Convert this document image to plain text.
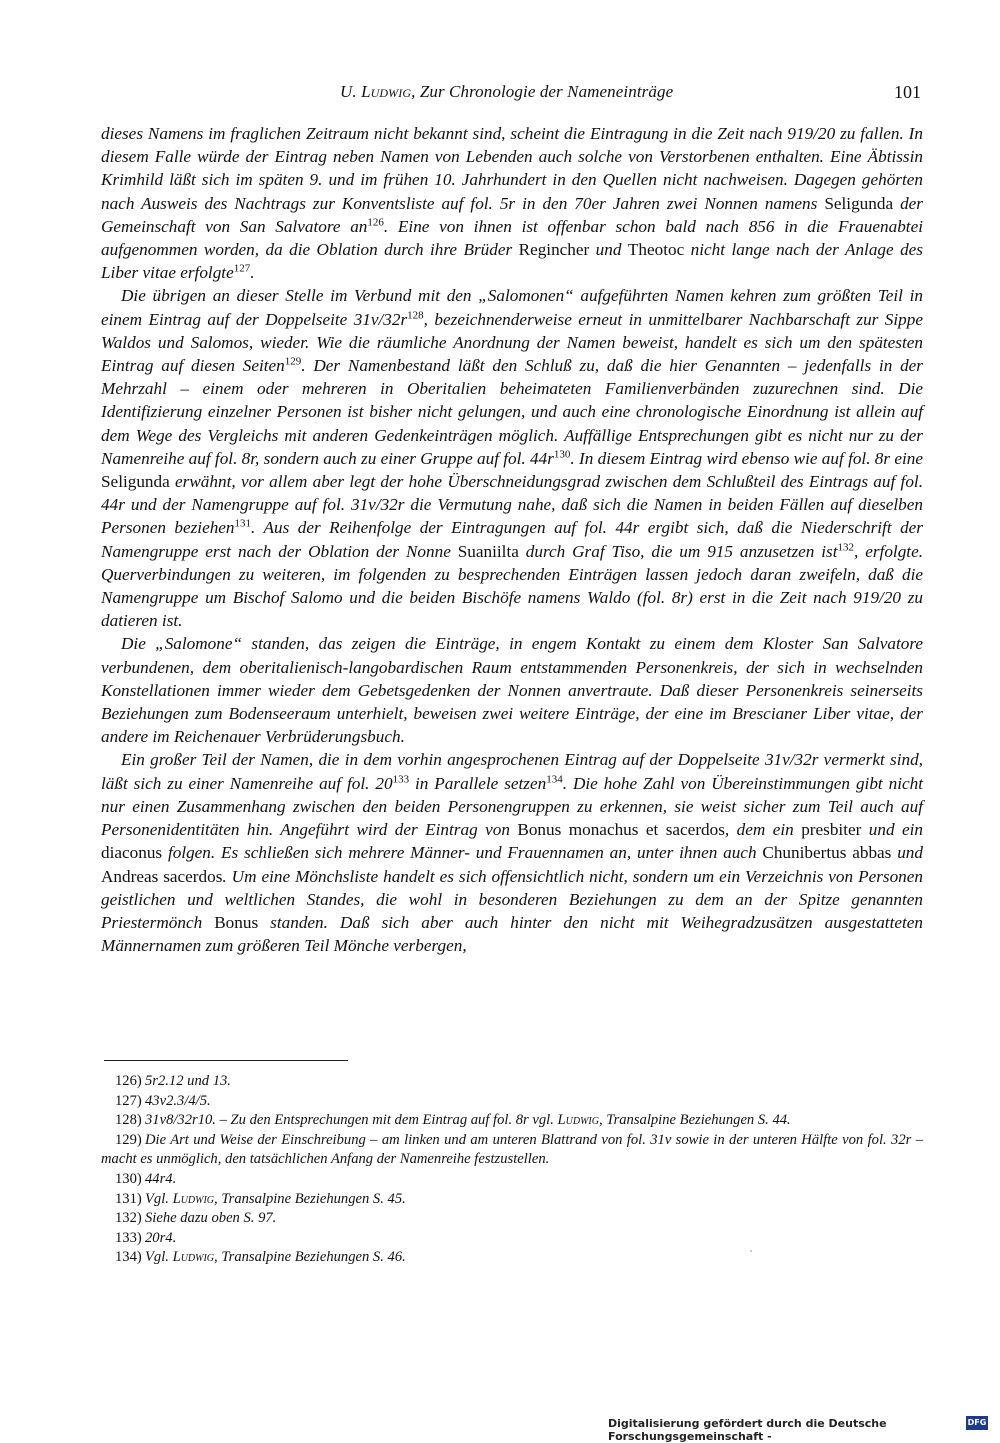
U. Ludwig, Zur Chronologie der Nameneinträge	101

dieses Namens im fraglichen Zeitraum nicht bekannt sind, scheint die Eintragung in die Zeit nach 919/20 zu fallen. In diesem Falle würde der Eintrag neben Namen von Lebenden auch solche von Verstorbenen enthalten. Eine Äbtissin Krimhild läßt sich im späten 9. und im frühen 10. Jahrhundert in den Quellen nicht nachweisen. Dagegen gehörten nach Ausweis des Nachtrags zur Konventsliste auf fol. 5r in den 70er Jahren zwei Nonnen namens Seligunda der Gemeinschaft von San Salvatore $an^{126}$. Eine von ihnen ist offenbar schon bald nach 856 in die Frauenabtei aufgenommen worden, da die Oblation durch ihre Brüder Regincher und Theotoc nicht lange nach der Anlage des Liber vitae erfolgte$^{127}$.

Die übrigen an dieser Stelle im Verbund mit den „Salomonen“ aufgeführten Namen kehren zum größten Teil in einem Eintrag auf der Doppelseite $31v/32r^{128}$, bezeichnenderweise erneut in unmittelbarer Nachbarschaft zur Sippe Waldos und Salomos, wieder. Wie die räumliche Anordnung der Namen beweist, handelt es sich um den spätesten Eintrag auf diesen Seiten$^{129}$. Der Namenbestand läßt den Schluß zu, daß die hier Genannten – jedenfalls in der Mehrzahl – einem oder mehreren in Oberitalien beheimateten Familienverbänden zuzurechnen sind. Die Identifizierung einzelner Personen ist bisher nicht gelungen, und auch eine chronologische Einordnung ist allein auf dem Wege des Vergleichs mit anderen Gedenkeinträgen möglich. Auffällige Entsprechungen gibt es nicht nur zu der Namenreihe auf fol. 8r, sondern auch zu einer Gruppe auf fol. $44r^{130}$. In diesem Eintrag wird ebenso wie auf fol. 8r eine Seligunda erwähnt, vor allem aber legt der hohe Überschneidungsgrad zwischen dem Schlußteil des Eintrags auf fol. 44r und der Namengruppe auf fol. 31v/32r die Vermutung nahe, daß sich die Namen in beiden Fällen auf dieselben Personen beziehen$^{131}$. Aus der Reihenfolge der Eintragungen auf fol. 44r ergibt sich, daß die Niederschrift der Namengruppe erst nach der Oblation der Nonne Suaniilta durch Graf Tiso, die um 915 anzusetzen ist$^{132}$, erfolgte. Querverbindungen zu weiteren, im folgenden zu besprechenden Einträgen lassen jedoch daran zweifeln, daß die Namengruppe um Bischof Salomo und die beiden Bischöfe namens Waldo (fol. 8r) erst in die Zeit nach 919/20 zu datieren ist.

Die „Salomone“ standen, das zeigen die Einträge, in engem Kontakt zu einem dem Kloster San Salvatore verbundenen, dem oberitalienisch-langobardischen Raum entstammenden Personenkreis, der sich in wechselnden Konstellationen immer wieder dem Gebetsgedenken der Nonnen anvertraute. Daß dieser Personenkreis seinerseits Beziehungen zum Bodenseeraum unterhielt, beweisen zwei weitere Einträge, der eine im Brescianer Liber vitae, der andere im Reichenauer Verbrüderungsbuch.

Ein großer Teil der Namen, die in dem vorhin angesprochenen Eintrag auf der Doppelseite 31v/32r vermerkt sind, läßt sich zu einer Namenreihe auf fol. $20^{133}$ in Parallele setzen$^{134}$. Die hohe Zahl von Übereinstimmungen gibt nicht nur einen Zusammenhang zwischen den beiden Personengruppen zu erkennen, sie weist sicher zum Teil auch auf Personenidentitäten hin. Angeführt wird der Eintrag von Bonus monachus et sacerdos, dem ein presbiter und ein diaconus folgen. Es schließen sich mehrere Männer- und Frauennamen an, unter ihnen auch Chunibertus abbas und Andreas sacerdos. Um eine Mönchsliste handelt es sich offensichtlich nicht, sondern um ein Verzeichnis von Personen geistlichen und weltlichen Standes, die wohl in besonderen Beziehungen zu dem an der Spitze genannten Priestermönch Bonus standen. Daß sich aber auch hinter den nicht mit Weihegradzusätzen ausgestatteten Männernamen zum größeren Teil Mönche verbergen,

126) 5r2.12 und 13.

127) 43v2.3/4/5.

128) 31v8/32r10. – Zu den Entsprechungen mit dem Eintrag auf fol. 8r vgl. Ludwig, Transalpine Beziehungen S. 44.

129) Die Art und Weise der Einschreibung – am linken und am unteren Blattrand von fol. 31v sowie in der unteren Hälfte von fol. 32r – macht es unmöglich, den tatsächlichen Anfang der Namenreihe festzustellen.

130) 44r4.

131) Vgl. Ludwig, Transalpine Beziehungen S. 45.

132) Siehe dazu oben S. 97.

133) 20r4.

134) Vgl. Ludwig, Transalpine Beziehungen S. 46.

Digitalisierung gefördert durch die Deutsche Forschungsgemeinschaft -
DFG
